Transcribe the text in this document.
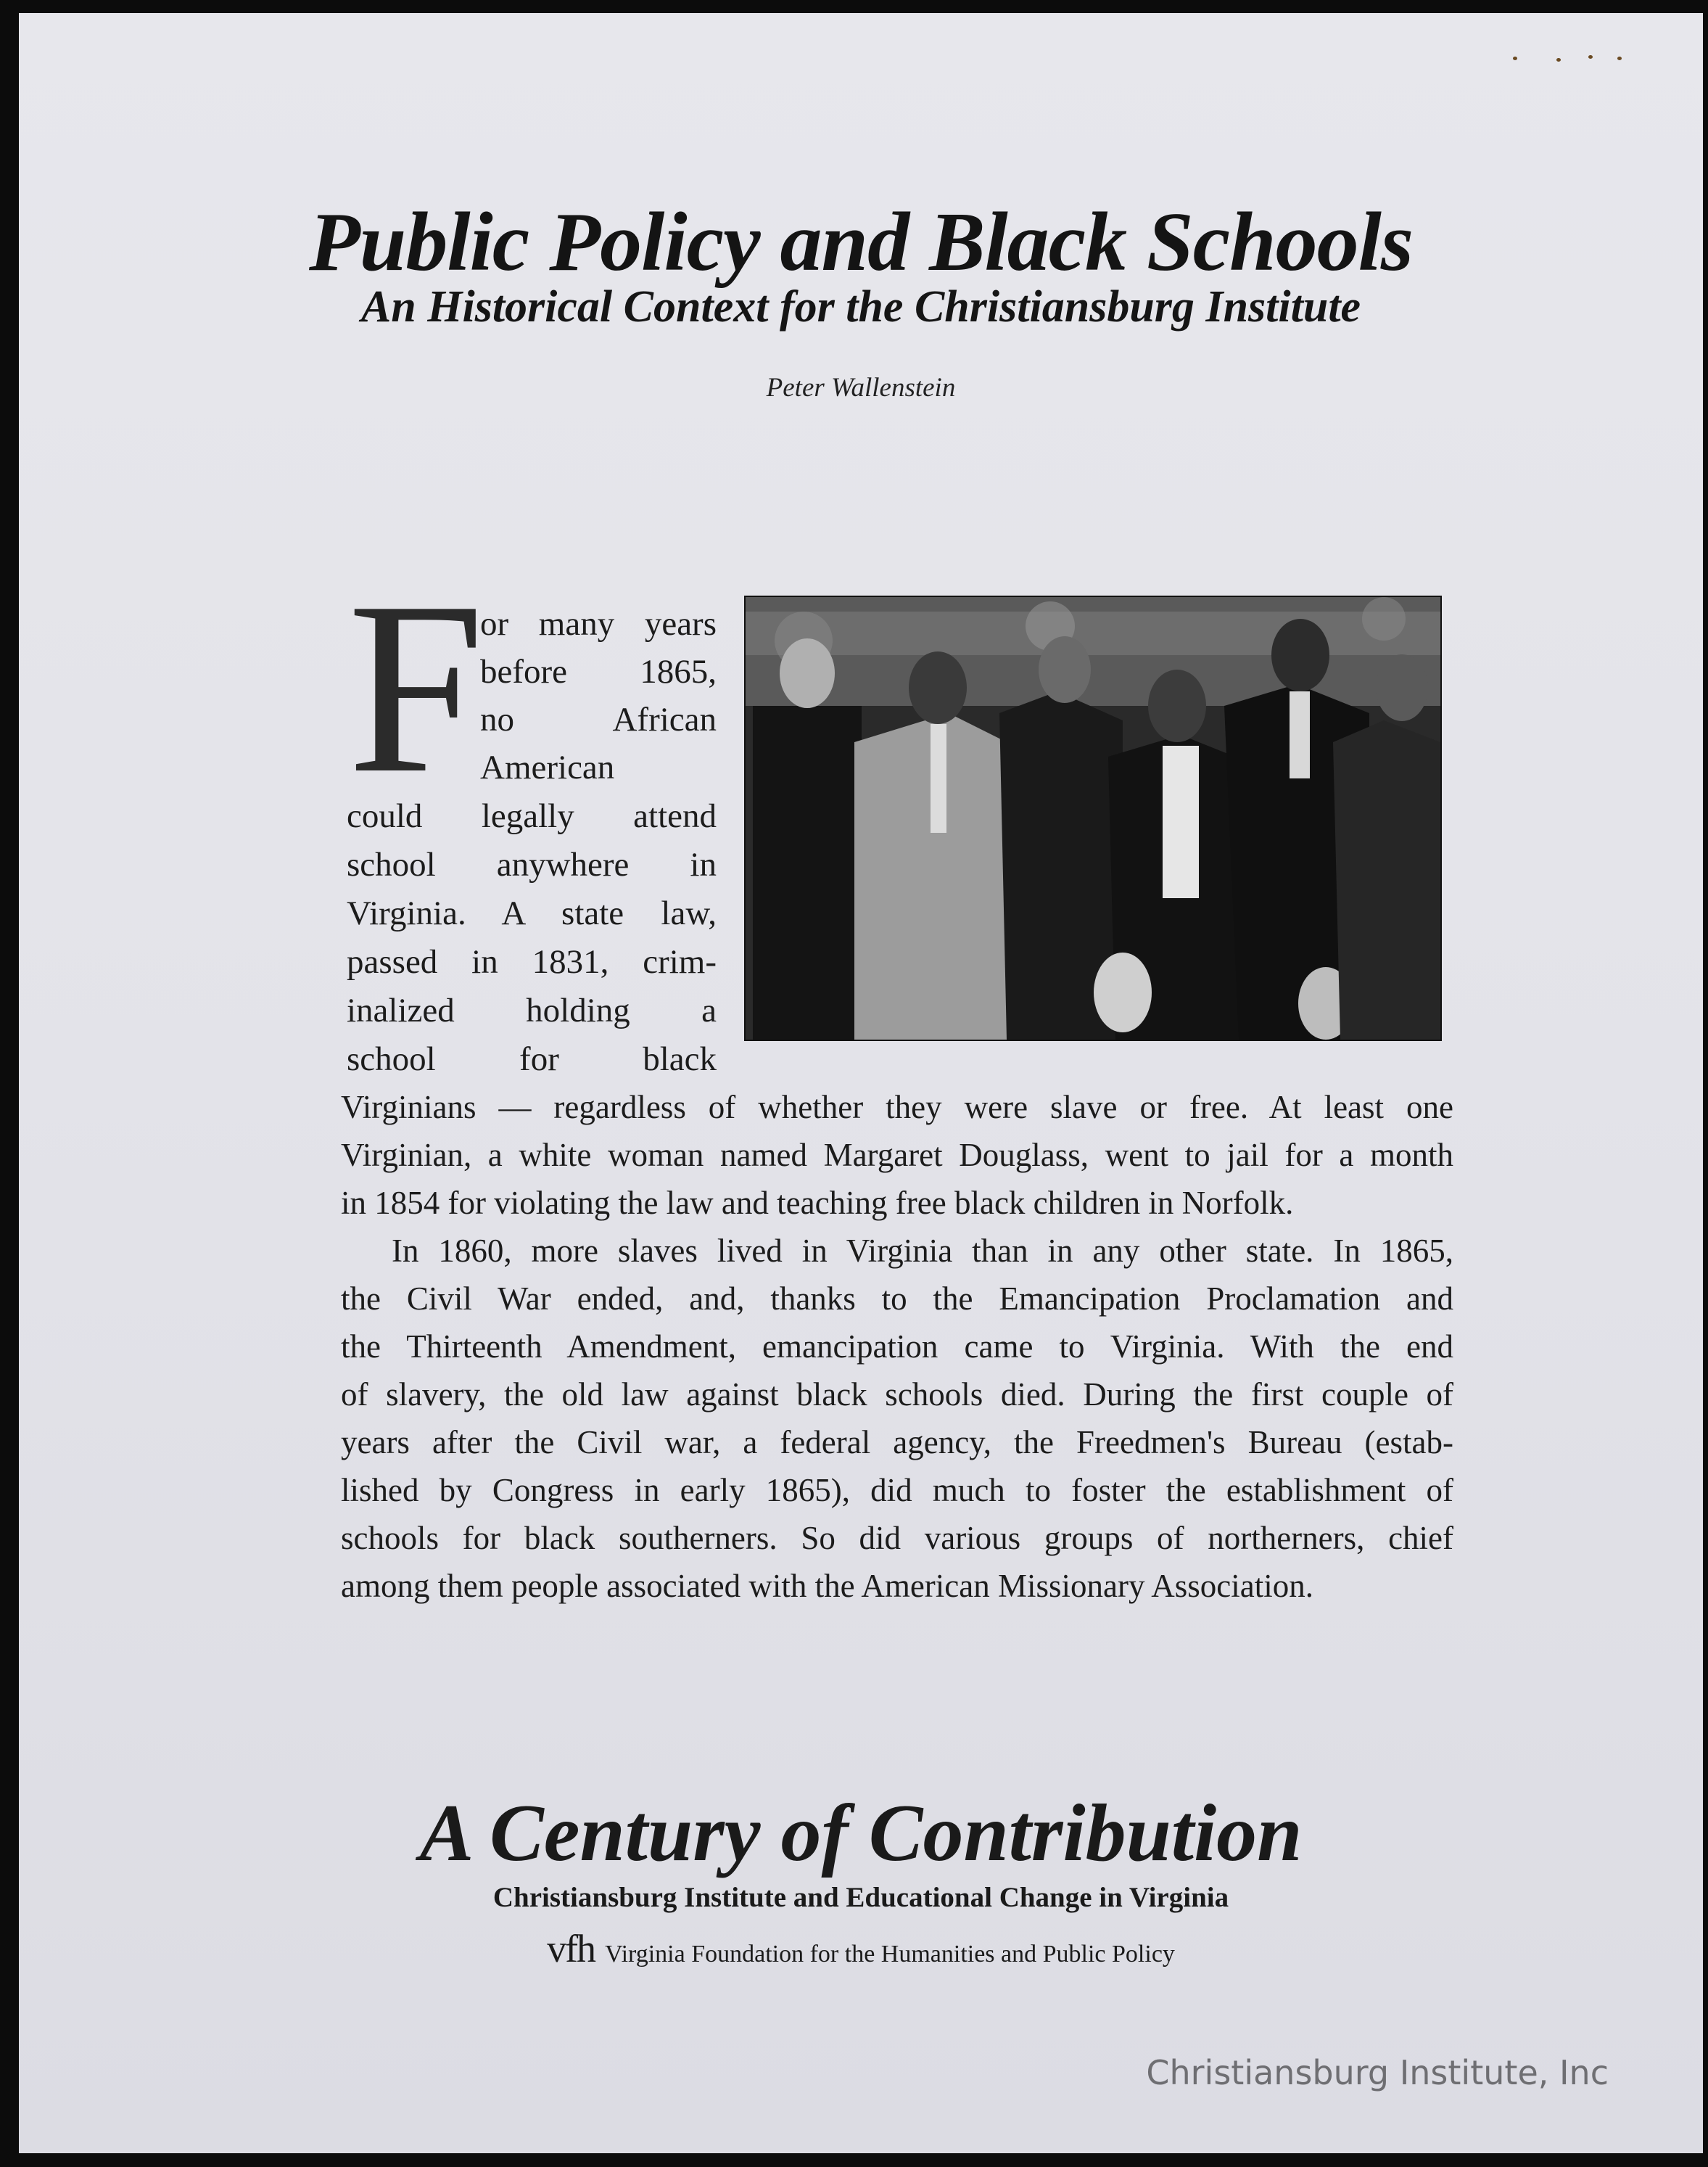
Public Policy and Black Schools
An Historical Context for the Christiansburg Institute
Peter Wallenstein
F
or many years
before 1865,
no African
American
could legally attend
school anywhere in
Virginia. A state law,
passed in 1831, crim-
inalized holding a
school for black
Virginians — regardless of whether they were slave or free. At least one
Virginian, a white woman named Margaret Douglass, went to jail for a month
in 1854 for violating the law and teaching free black children in Norfolk.
In 1860, more slaves lived in Virginia than in any other state. In 1865,
the Civil War ended, and, thanks to the Emancipation Proclamation and
the Thirteenth Amendment, emancipation came to Virginia. With the end
of slavery, the old law against black schools died. During the first couple of
years after the Civil war, a federal agency, the Freedmen's Bureau (estab-
lished by Congress in early 1865), did much to foster the establishment of
schools for black southerners. So did various groups of northerners, chief
among them people associated with the American Missionary Association.
A Century of Contribution
Christiansburg Institute and Educational Change in Virginia
vfh Virginia Foundation for the Humanities and Public Policy
Christiansburg Institute, Inc
